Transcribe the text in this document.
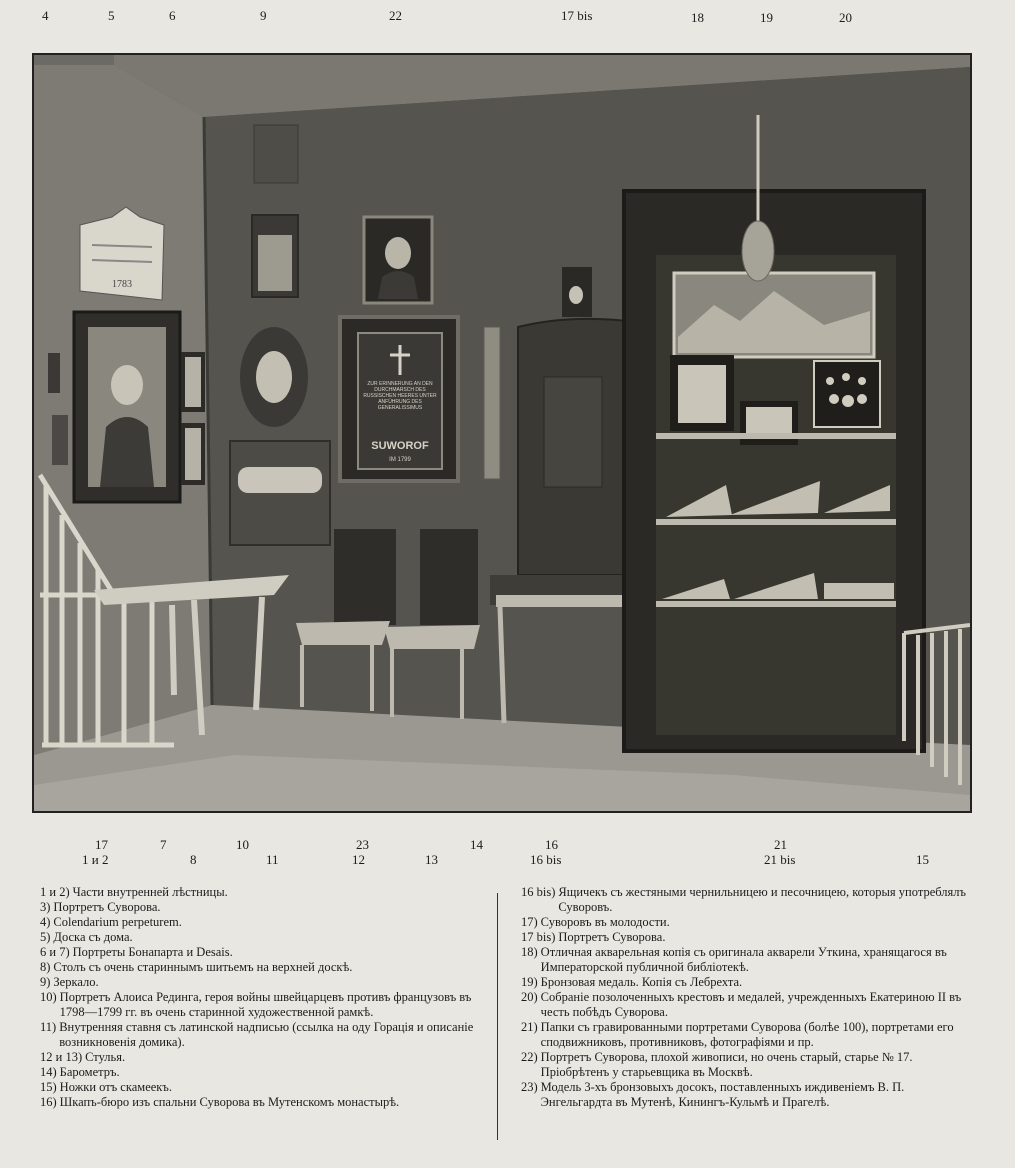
4	5	6	9	22	17 bis	18	19	20
1783
ZUR ERINNERUNG AN DEN DURCHMARSCH DES RUSSISCHEN HEERES UNTER ANFÜHRUNG DES GENERALISSIMUS
SUWOROF
IM 1799
17	7	10	23	14	16	21
1 и 2	8	11	12	13	16 bis	21 bis	15
1 и 2) Части внутренней лѣстницы.
3) Портретъ Суворова.
4) Colendarium perpeturem.
5) Доска съ дома.
6 и 7) Портреты Бонапарта и Desais.
8) Столъ съ очень стариннымъ шитьемъ на верхней доскѣ.
9) Зеркало.
10) Портретъ Алоиса Рединга, героя войны швейцарцевъ противъ французовъ въ 1798—1799 гг. въ очень старинной художественной рамкѣ.
11) Внутренняя ставня съ латинской надписью (ссылка на оду Горація и описаніе возникновенія домика).
12 и 13) Стулья.
14) Барометръ.
15) Ножки отъ скамеекъ.
16) Шкапъ-бюро изъ спальни Суворова въ Мутенскомъ монастырѣ.
16 bis) Ящичекъ съ жестяными чернильницею и песочницею, которыя употреблялъ Суворовъ.
17) Суворовъ въ молодости.
17 bis) Портретъ Суворова.
18) Отличная акварельная копія съ оригинала акварели Уткина, хранящагося въ Императорской публичной библіотекѣ.
19) Бронзовая медаль. Копія съ Лебрехта.
20) Собраніе позолоченныхъ крестовъ и медалей, учрежденныхъ Екатериною II въ честь побѣдъ Суворова.
21) Папки съ гравированными портретами Суворова (болѣе 100), портретами его сподвижниковъ, противниковъ, фотографіями и пр.
22) Портретъ Суворова, плохой живописи, но очень старый, старье № 17. Пріобрѣтенъ у старьевщика въ Москвѣ.
23) Модель 3-хъ бронзовыхъ досокъ, поставленныхъ иждивеніемъ В. П. Энгельгардта въ Мутенѣ, Кинингъ-Кульмѣ и Прагелѣ.
